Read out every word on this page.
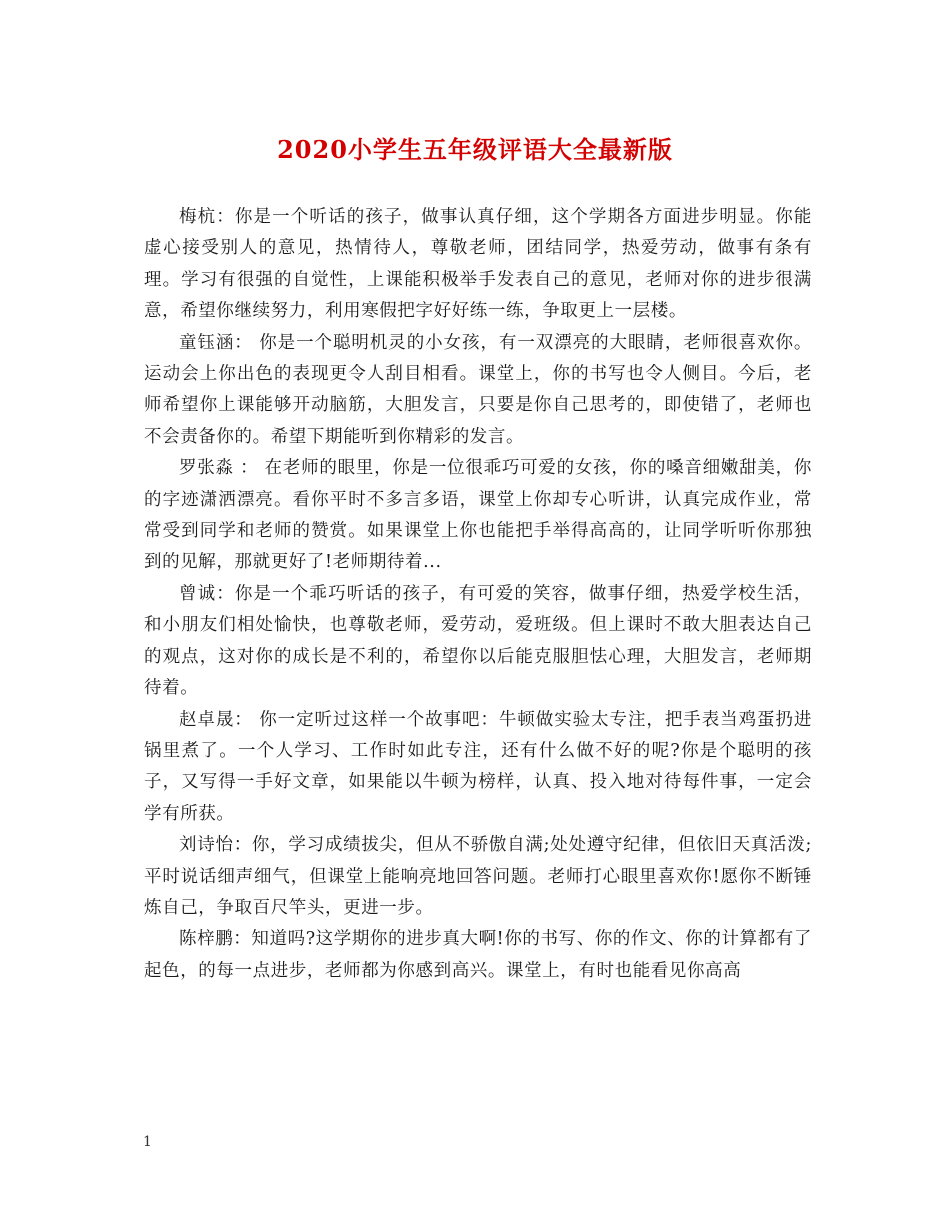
2020小学生五年级评语大全最新版

梅杭：你是一个听话的孩子，做事认真仔细，这个学期各方面进步明显。你能虚心接受别人的意见，热情待人，尊敬老师，团结同学，热爱劳动，做事有条有理。学习有很强的自觉性，上课能积极举手发表自己的意见，老师对你的进步很满意，希望你继续努力，利用寒假把字好好练一练，争取更上一层楼。

童钰涵： 你是一个聪明机灵的小女孩，有一双漂亮的大眼睛，老师很喜欢你。运动会上你出色的表现更令人刮目相看。课堂上，你的书写也令人侧目。今后，老师希望你上课能够开动脑筋，大胆发言，只要是你自己思考的，即使错了，老师也不会责备你的。希望下期能听到你精彩的发言。

罗张淼 ： 在老师的眼里，你是一位很乖巧可爱的女孩，你的嗓音细嫩甜美，你的字迹潇洒漂亮。看你平时不多言多语，课堂上你却专心听讲，认真完成作业，常常受到同学和老师的赞赏。如果课堂上你也能把手举得高高的，让同学听听你那独到的见解，那就更好了!老师期待着...

曾诚：你是一个乖巧听话的孩子，有可爱的笑容，做事仔细，热爱学校生活，和小朋友们相处愉快，也尊敬老师，爱劳动，爱班级。但上课时不敢大胆表达自己的观点，这对你的成长是不利的，希望你以后能克服胆怯心理，大胆发言，老师期待着。

赵卓晟： 你一定听过这样一个故事吧：牛顿做实验太专注，把手表当鸡蛋扔进锅里煮了。一个人学习、工作时如此专注，还有什么做不好的呢?你是个聪明的孩子，又写得一手好文章，如果能以牛顿为榜样，认真、投入地对待每件事，一定会学有所获。

刘诗怡：你，学习成绩拔尖，但从不骄傲自满;处处遵守纪律，但依旧天真活泼;平时说话细声细气，但课堂上能响亮地回答问题。老师打心眼里喜欢你!愿你不断锤炼自己，争取百尺竿头，更进一步。

陈梓鹏：知道吗?这学期你的进步真大啊!你的书写、你的作文、你的计算都有了起色，的每一点进步，老师都为你感到高兴。课堂上，有时也能看见你高高

1
